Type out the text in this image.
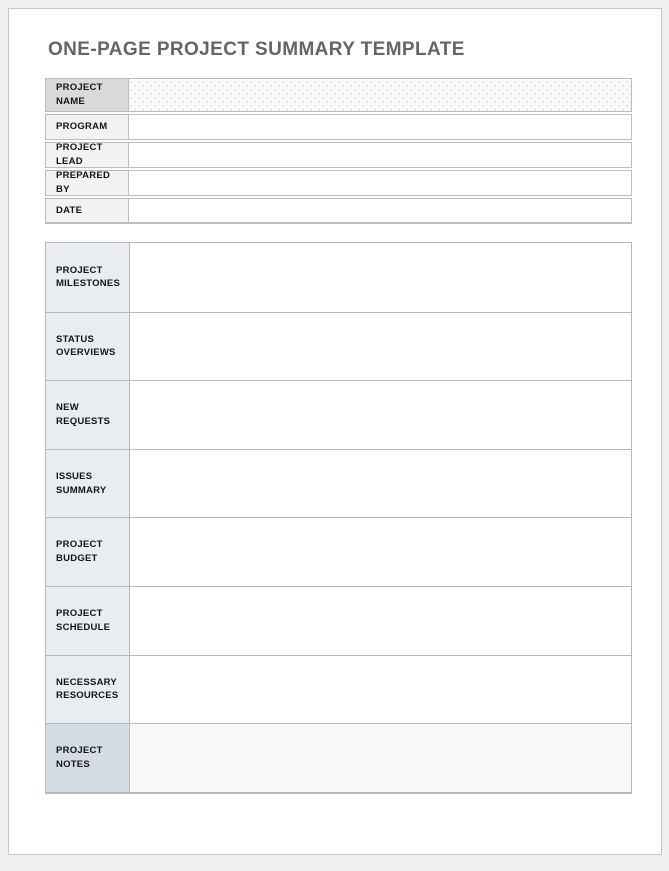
ONE-PAGE PROJECT SUMMARY TEMPLATE
PROJECT NAME
PROGRAM
PROJECT LEAD
PREPARED BY
DATE
PROJECT MILESTONES
STATUS OVERVIEWS
NEW REQUESTS
ISSUES SUMMARY
PROJECT BUDGET
PROJECT SCHEDULE
NECESSARY RESOURCES
PROJECT NOTES
